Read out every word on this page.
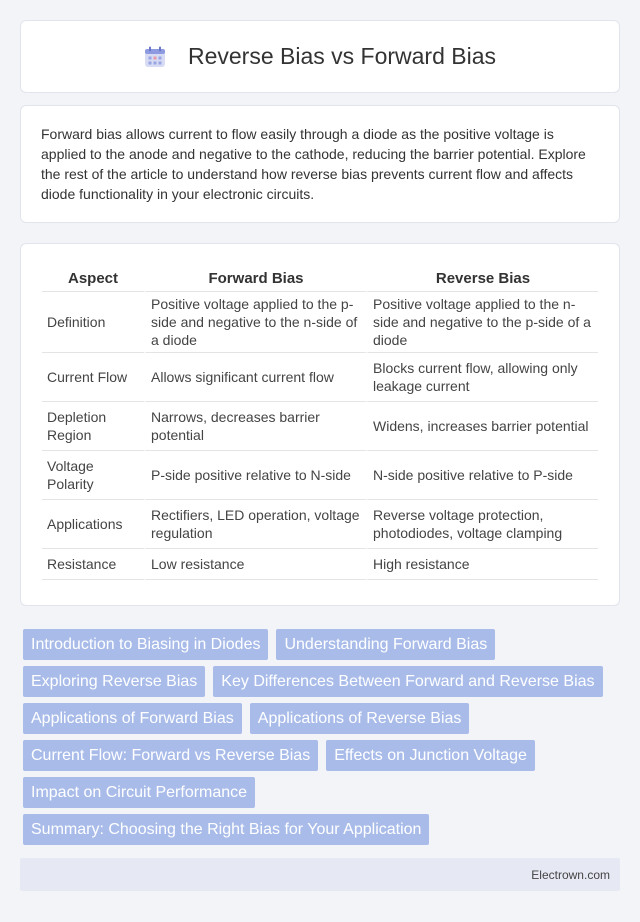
Reverse Bias vs Forward Bias

Forward bias allows current to flow easily through a diode as the positive voltage is applied to the anode and negative to the cathode, reducing the barrier potential. Explore the rest of the article to understand how reverse bias prevents current flow and affects diode functionality in your electronic circuits.

Aspect	Forward Bias	Reverse Bias
Definition	Positive voltage applied to the p-side and negative to the n-side of a diode	Positive voltage applied to the n-side and negative to the p-side of a diode
Current Flow	Allows significant current flow	Blocks current flow, allowing only leakage current
Depletion Region	Narrows, decreases barrier potential	Widens, increases barrier potential
Voltage Polarity	P-side positive relative to N-side	N-side positive relative to P-side
Applications	Rectifiers, LED operation, voltage regulation	Reverse voltage protection, photodiodes, voltage clamping
Resistance	Low resistance	High resistance
Introduction to Biasing in Diodes	Understanding Forward Bias
Exploring Reverse Bias	Key Differences Between Forward and Reverse Bias
Applications of Forward Bias	Applications of Reverse Bias
Current Flow: Forward vs Reverse Bias	Effects on Junction Voltage
Impact on Circuit Performance
Summary: Choosing the Right Bias for Your Application
Electrown.com
